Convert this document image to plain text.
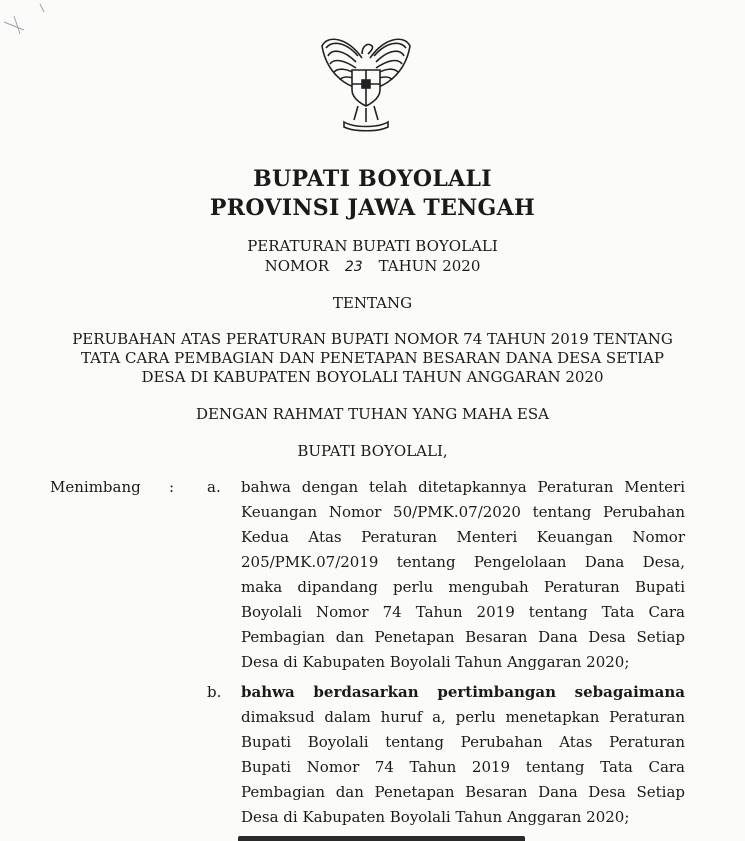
BUPATI BOYOLALI
PROVINSI JAWA TENGAH
PERATURAN BUPATI BOYOLALI
NOMOR 23 TAHUN 2020
TENTANG
PERUBAHAN ATAS PERATURAN BUPATI NOMOR 74 TAHUN 2019 TENTANG
TATA CARA PEMBAGIAN DAN PENETAPAN BESARAN DANA DESA SETIAP
DESA DI KABUPATEN BOYOLALI TAHUN ANGGARAN 2020
DENGAN RAHMAT TUHAN YANG MAHA ESA
BUPATI BOYOLALI,
Menimbang : a. bahwa dengan telah ditetapkannya Peraturan Menteri
Keuangan Nomor 50/PMK.07/2020 tentang Perubahan
Kedua Atas Peraturan Menteri Keuangan Nomor
205/PMK.07/2019 tentang Pengelolaan Dana Desa,
maka dipandang perlu mengubah Peraturan Bupati
Boyolali Nomor 74 Tahun 2019 tentang Tata Cara
Pembagian dan Penetapan Besaran Dana Desa Setiap
Desa di Kabupaten Boyolali Tahun Anggaran 2020;
b. bahwa berdasarkan pertimbangan sebagaimana
dimaksud dalam huruf a, perlu menetapkan Peraturan
Bupati Boyolali tentang Perubahan Atas Peraturan
Bupati Nomor 74 Tahun 2019 tentang Tata Cara
Pembagian dan Penetapan Besaran Dana Desa Setiap
Desa di Kabupaten Boyolali Tahun Anggaran 2020;
